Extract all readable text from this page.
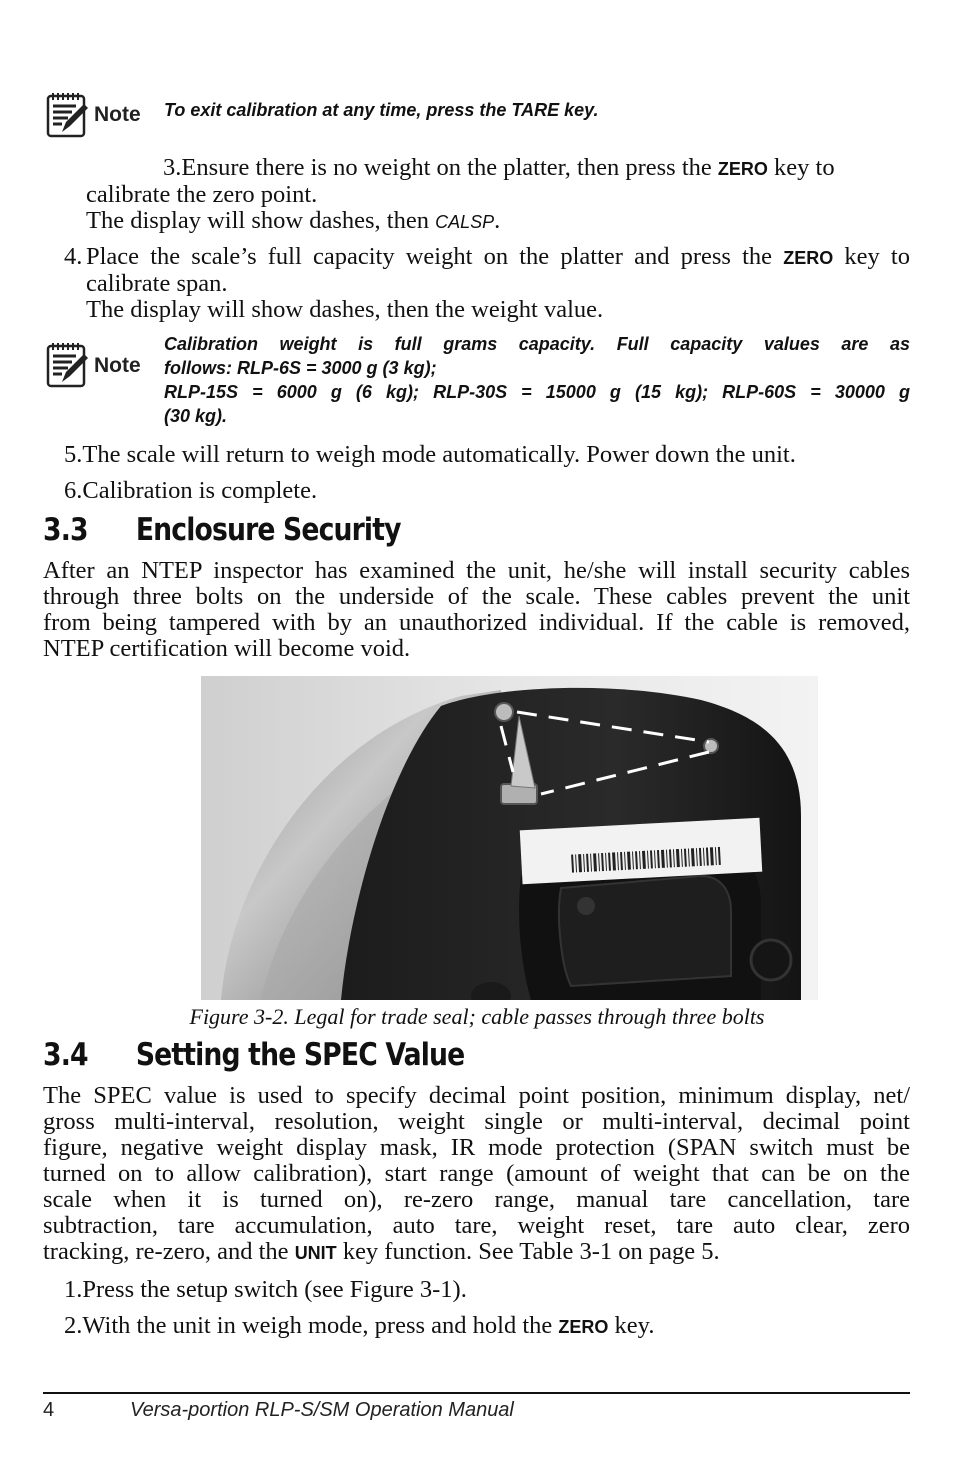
Note To exit calibration at any time, press the TARE key.
3.Ensure there is no weight on the platter, then press the ZERO key to
calibrate the zero point.
The display will show dashes, then CALSP.
4. Place the scale’s full capacity weight on the platter and press the ZERO key to
calibrate span.
The display will show dashes, then the weight value.
Note
Calibration weight is full grams capacity. Full capacity values are as
follows: RLP-6S = 3000 g (3 kg);
RLP-15S = 6000 g (6 kg); RLP-30S = 15000 g (15 kg); RLP-60S = 30000 g
(30 kg).
5.The scale will return to weigh mode automatically. Power down the unit.
6.Calibration is complete.
3.3 Enclosure Security
After an NTEP inspector has examined the unit, he/she will install security cables
through three bolts on the underside of the scale. These cables prevent the unit
from being tampered with by an unauthorized individual. If the cable is removed,
NTEP certification will become void.
Figure 3-2. Legal for trade seal; cable passes through three bolts
3.4 Setting the SPEC Value
The SPEC value is used to specify decimal point position, minimum display, net/
gross multi-interval, resolution, weight single or multi-interval, decimal point
figure, negative weight display mask, IR mode protection (SPAN switch must be
turned on to allow calibration), start range (amount of weight that can be on the
scale when it is turned on), re-zero range, manual tare cancellation, tare
subtraction, tare accumulation, auto tare, weight reset, tare auto clear, zero
tracking, re-zero, and the UNIT key function. See Table 3-1 on page 5.
1.Press the setup switch (see Figure 3-1).
2.With the unit in weigh mode, press and hold the ZERO key.
4	Versa-portion RLP-S/SM Operation Manual
